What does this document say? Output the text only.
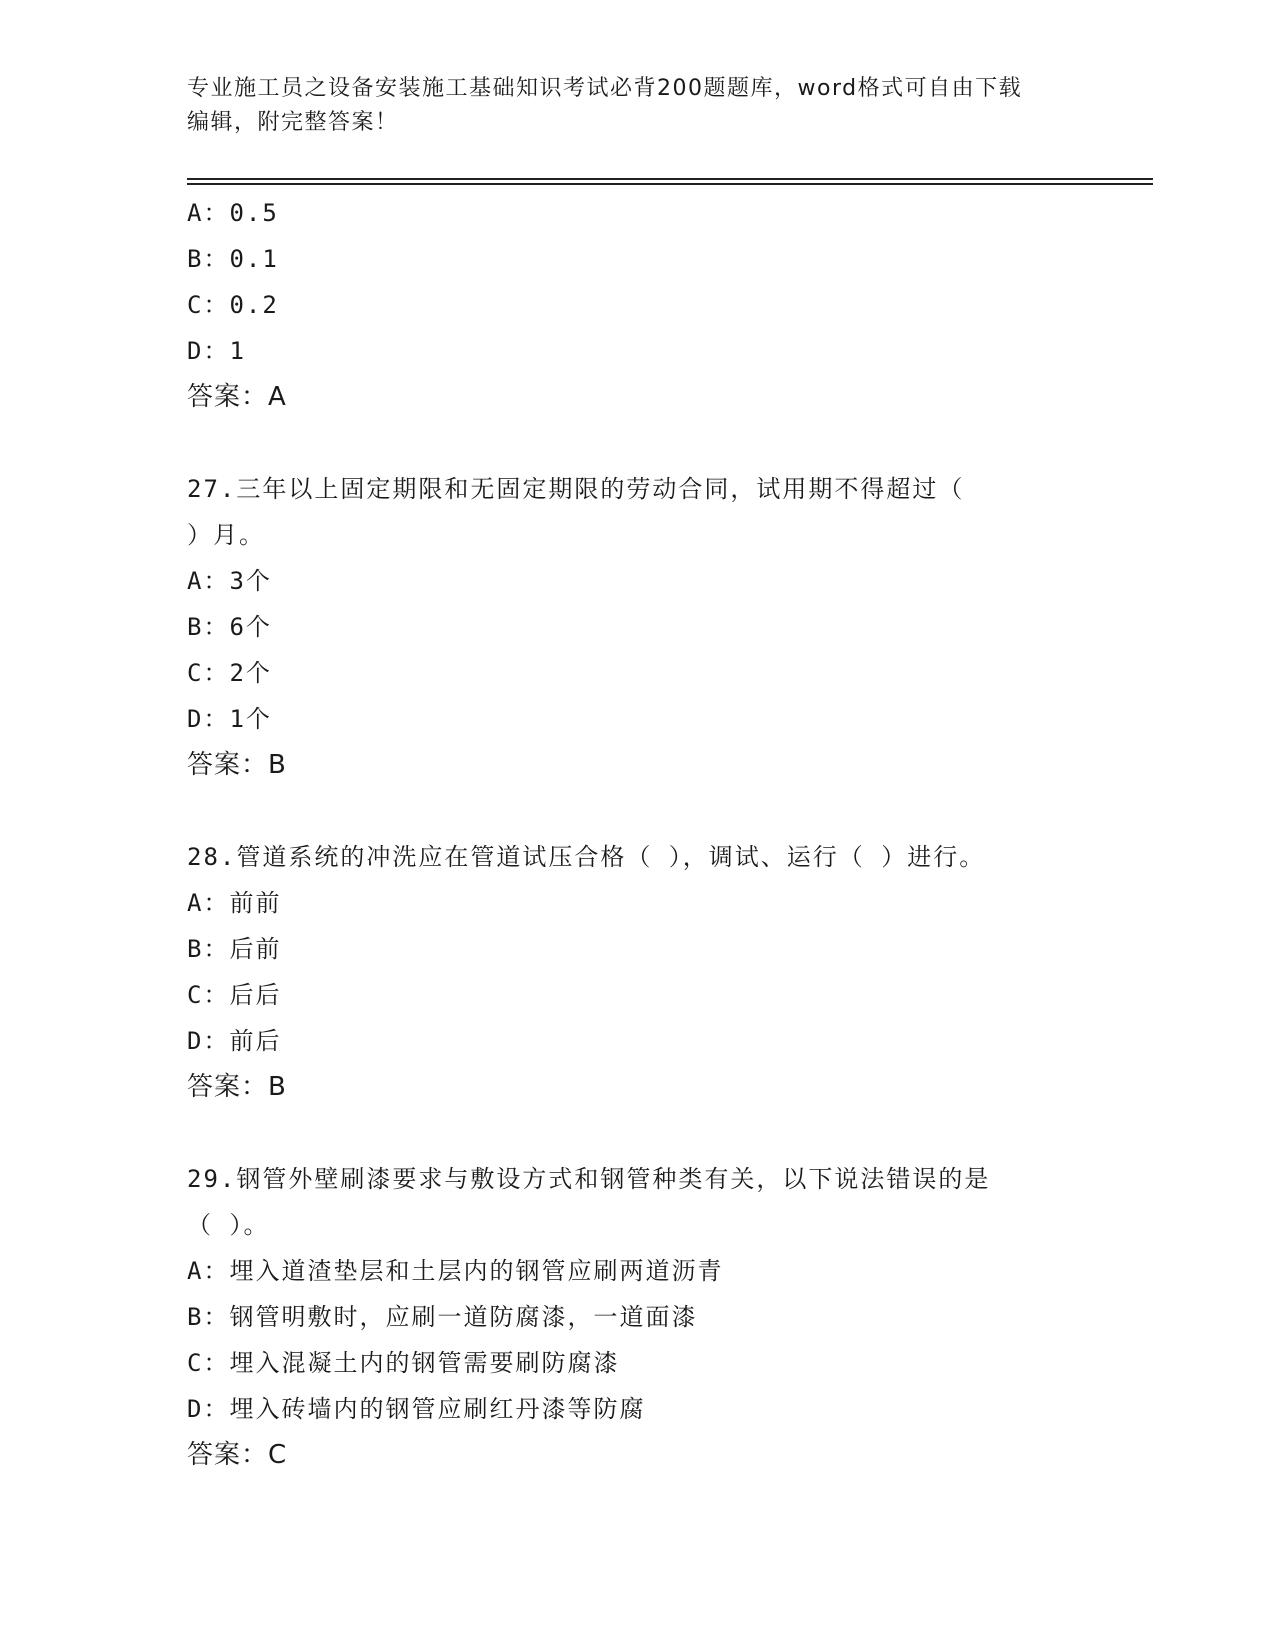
专业施工员之设备安装施工基础知识考试必背200题题库，word格式可自由下载
编辑，附完整答案！
A：0.5
B：0.1
C：0.2
D：1
答案：A
27.三年以上固定期限和无固定期限的劳动合同，试用期不得超过（
）月。
A：3个
B：6个
C：2个
D：1个
答案：B
28.管道系统的冲洗应在管道试压合格（ ），调试、运行（ ）进行。
A：前前
B：后前
C：后后
D：前后
答案：B
29.钢管外壁刷漆要求与敷设方式和钢管种类有关，以下说法错误的是
（ ）。
A：埋入道渣垫层和土层内的钢管应刷两道沥青
B：钢管明敷时，应刷一道防腐漆，一道面漆
C：埋入混凝土内的钢管需要刷防腐漆
D：埋入砖墙内的钢管应刷红丹漆等防腐
答案：C
